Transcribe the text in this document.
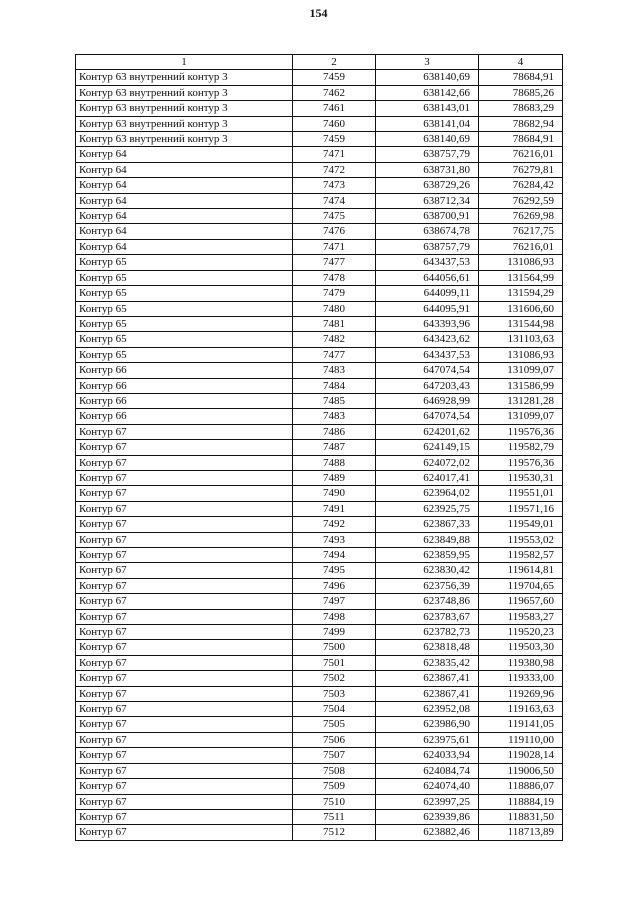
154
1	2	3	4
Контур 63 внутренний контур 3	7459	638140,69	78684,91
Контур 63 внутренний контур 3	7462	638142,66	78685,26
Контур 63 внутренний контур 3	7461	638143,01	78683,29
Контур 63 внутренний контур 3	7460	638141,04	78682,94
Контур 63 внутренний контур 3	7459	638140,69	78684,91
Контур 64	7471	638757,79	76216,01
Контур 64	7472	638731,80	76279,81
Контур 64	7473	638729,26	76284,42
Контур 64	7474	638712,34	76292,59
Контур 64	7475	638700,91	76269,98
Контур 64	7476	638674,78	76217,75
Контур 64	7471	638757,79	76216,01
Контур 65	7477	643437,53	131086,93
Контур 65	7478	644056,61	131564,99
Контур 65	7479	644099,11	131594,29
Контур 65	7480	644095,91	131606,60
Контур 65	7481	643393,96	131544,98
Контур 65	7482	643423,62	131103,63
Контур 65	7477	643437,53	131086,93
Контур 66	7483	647074,54	131099,07
Контур 66	7484	647203,43	131586,99
Контур 66	7485	646928,99	131281,28
Контур 66	7483	647074,54	131099,07
Контур 67	7486	624201,62	119576,36
Контур 67	7487	624149,15	119582,79
Контур 67	7488	624072,02	119576,36
Контур 67	7489	624017,41	119530,31
Контур 67	7490	623964,02	119551,01
Контур 67	7491	623925,75	119571,16
Контур 67	7492	623867,33	119549,01
Контур 67	7493	623849,88	119553,02
Контур 67	7494	623859,95	119582,57
Контур 67	7495	623830,42	119614,81
Контур 67	7496	623756,39	119704,65
Контур 67	7497	623748,86	119657,60
Контур 67	7498	623783,67	119583,27
Контур 67	7499	623782,73	119520,23
Контур 67	7500	623818,48	119503,30
Контур 67	7501	623835,42	119380,98
Контур 67	7502	623867,41	119333,00
Контур 67	7503	623867,41	119269,96
Контур 67	7504	623952,08	119163,63
Контур 67	7505	623986,90	119141,05
Контур 67	7506	623975,61	119110,00
Контур 67	7507	624033,94	119028,14
Контур 67	7508	624084,74	119006,50
Контур 67	7509	624074,40	118886,07
Контур 67	7510	623997,25	118884,19
Контур 67	7511	623939,86	118831,50
Контур 67	7512	623882,46	118713,89
